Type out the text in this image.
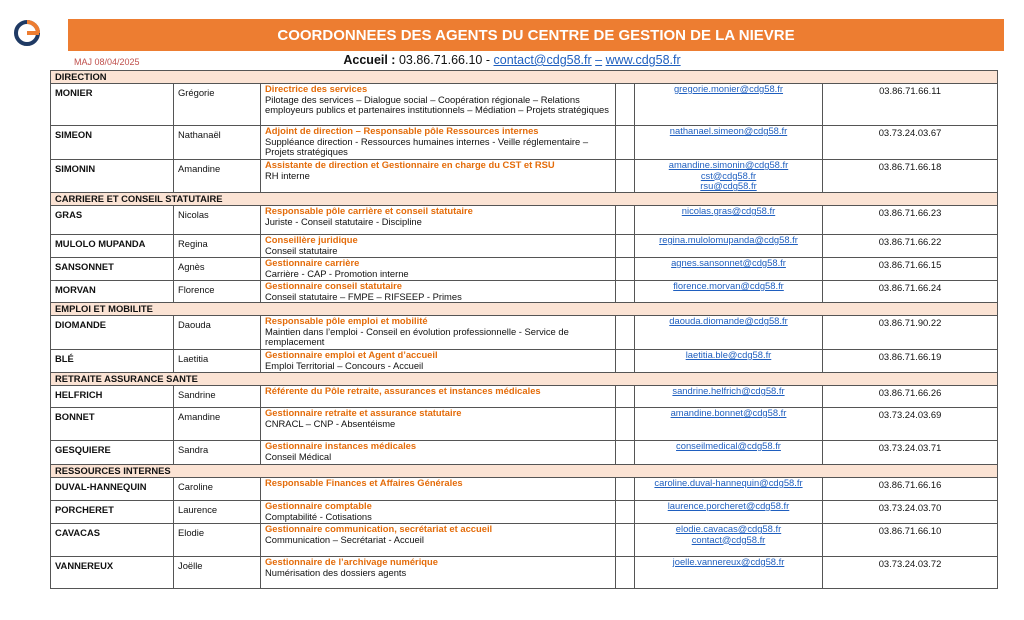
COORDONNEES DES AGENTS DU CENTRE DE GESTION DE LA NIEVRE
MAJ 08/04/2025	Accueil : 03.86.71.66.10 - contact@cdg58.fr – www.cdg58.fr
DIRECTION					
MONIER	Grégorie	Directrice des services
Pilotage des services – Dialogue social – Coopération régionale – Relations employeurs publics et partenaires institutionnels – Médiation – Projets stratégiques		gregorie.monier@cdg58.fr	03.86.71.66.11
SIMEON	Nathanaël	Adjoint de direction – Responsable pôle Ressources internes
Suppléance direction - Ressources humaines internes - Veille réglementaire – Projets stratégiques		nathanael.simeon@cdg58.fr	03.73.24.03.67
SIMONIN	Amandine	Assistante de direction et Gestionnaire en charge du CST et RSU
RH interne		amandine.simonin@cdg58.fr
cst@cdg58.fr
rsu@cdg58.fr	03.86.71.66.18
CARRIERE ET CONSEIL STATUTAIRE					
GRAS	Nicolas	Responsable pôle carrière et conseil statutaire
Juriste - Conseil statutaire - Discipline		nicolas.gras@cdg58.fr	03.86.71.66.23
MULOLO MUPANDA	Regina	Conseillère juridique
Conseil statutaire		regina.mulolomupanda@cdg58.fr	03.86.71.66.22
SANSONNET	Agnès	Gestionnaire carrière
Carrière - CAP - Promotion interne		agnes.sansonnet@cdg58.fr	03.86.71.66.15
MORVAN	Florence	Gestionnaire conseil statutaire
Conseil statutaire – FMPE – RIFSEEP - Primes		florence.morvan@cdg58.fr	03.86.71.66.24
EMPLOI ET MOBILITE					
DIOMANDE	Daouda	Responsable pôle emploi et mobilité
Maintien dans l’emploi - Conseil en évolution professionnelle - Service de remplacement		daouda.diomande@cdg58.fr	03.86.71.90.22
BLÉ	Laetitia	Gestionnaire emploi et Agent d’accueil
Emploi Territorial – Concours - Accueil		laetitia.ble@cdg58.fr	03.86.71.66.19
RETRAITE ASSURANCE SANTE					
HELFRICH	Sandrine	Référente du Pôle retraite, assurances et instances médicales		sandrine.helfrich@cdg58.fr	03.86.71.66.26
BONNET	Amandine	Gestionnaire retraite et assurance statutaire
CNRACL – CNP - Absentéisme		amandine.bonnet@cdg58.fr	03.73.24.03.69
GESQUIERE	Sandra	Gestionnaire instances médicales
Conseil Médical		conseilmedical@cdg58.fr	03.73.24.03.71
RESSOURCES INTERNES					
DUVAL-HANNEQUIN	Caroline	Responsable Finances et Affaires Générales		caroline.duval-hannequin@cdg58.fr	03.86.71.66.16
PORCHERET	Laurence	Gestionnaire comptable
Comptabilité - Cotisations		laurence.porcheret@cdg58.fr	03.73.24.03.70
CAVACAS	Elodie	Gestionnaire communication, secrétariat et accueil
Communication – Secrétariat - Accueil		elodie.cavacas@cdg58.fr
contact@cdg58.fr	03.86.71.66.10
VANNEREUX	Joëlle	Gestionnaire de l’archivage numérique
Numérisation des dossiers agents		joelle.vannereux@cdg58.fr	03.73.24.03.72
